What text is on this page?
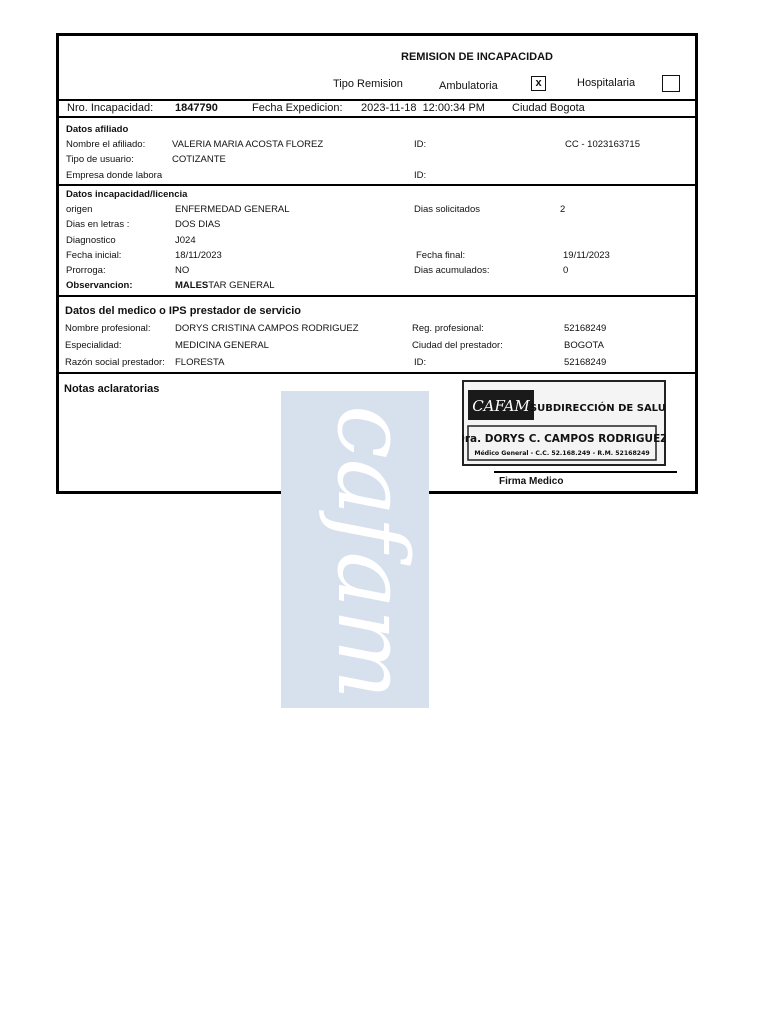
cafam
REMISION DE INCAPACIDAD
Tipo Remision	Ambulatoria	x	Hospitalaria
Nro. Incapacidad: 1847790	Fecha Expedicion: 2023-11-18  12:00:34 PM Ciudad Bogota
Datos afiliado
Nombre el afiliado:	VALERIA MARIA ACOSTA FLOREZ	ID:	CC - 1023163715
Tipo de usuario:	COTIZANTE
Empresa donde labora	ID:
Datos incapacidad/licencia
origen	ENFERMEDAD GENERAL	Dias solicitados	2
Dias en letras :	DOS DIAS
Diagnostico	J024
Fecha inicial:	18/11/2023	Fecha final:	19/11/2023
Prorroga:	NO	Dias acumulados:	0
Observancion:	MALESTAR GENERAL
Datos del medico o IPS prestador de servicio
Nombre profesional:	DORYS CRISTINA CAMPOS RODRIGUEZ	Reg. profesional:	52168249
Especialidad:	MEDICINA GENERAL	Ciudad del prestador:	BOGOTA
Razón social prestador: FLORESTA	ID:	52168249
Notas aclaratorias
CAFAM SUBDIRECCIÓN DE SALUD
Dra. DORYS C. CAMPOS RODRIGUEZ
Médico General - C.C. 52.168.249 - R.M. 52168249
Firma Medico
